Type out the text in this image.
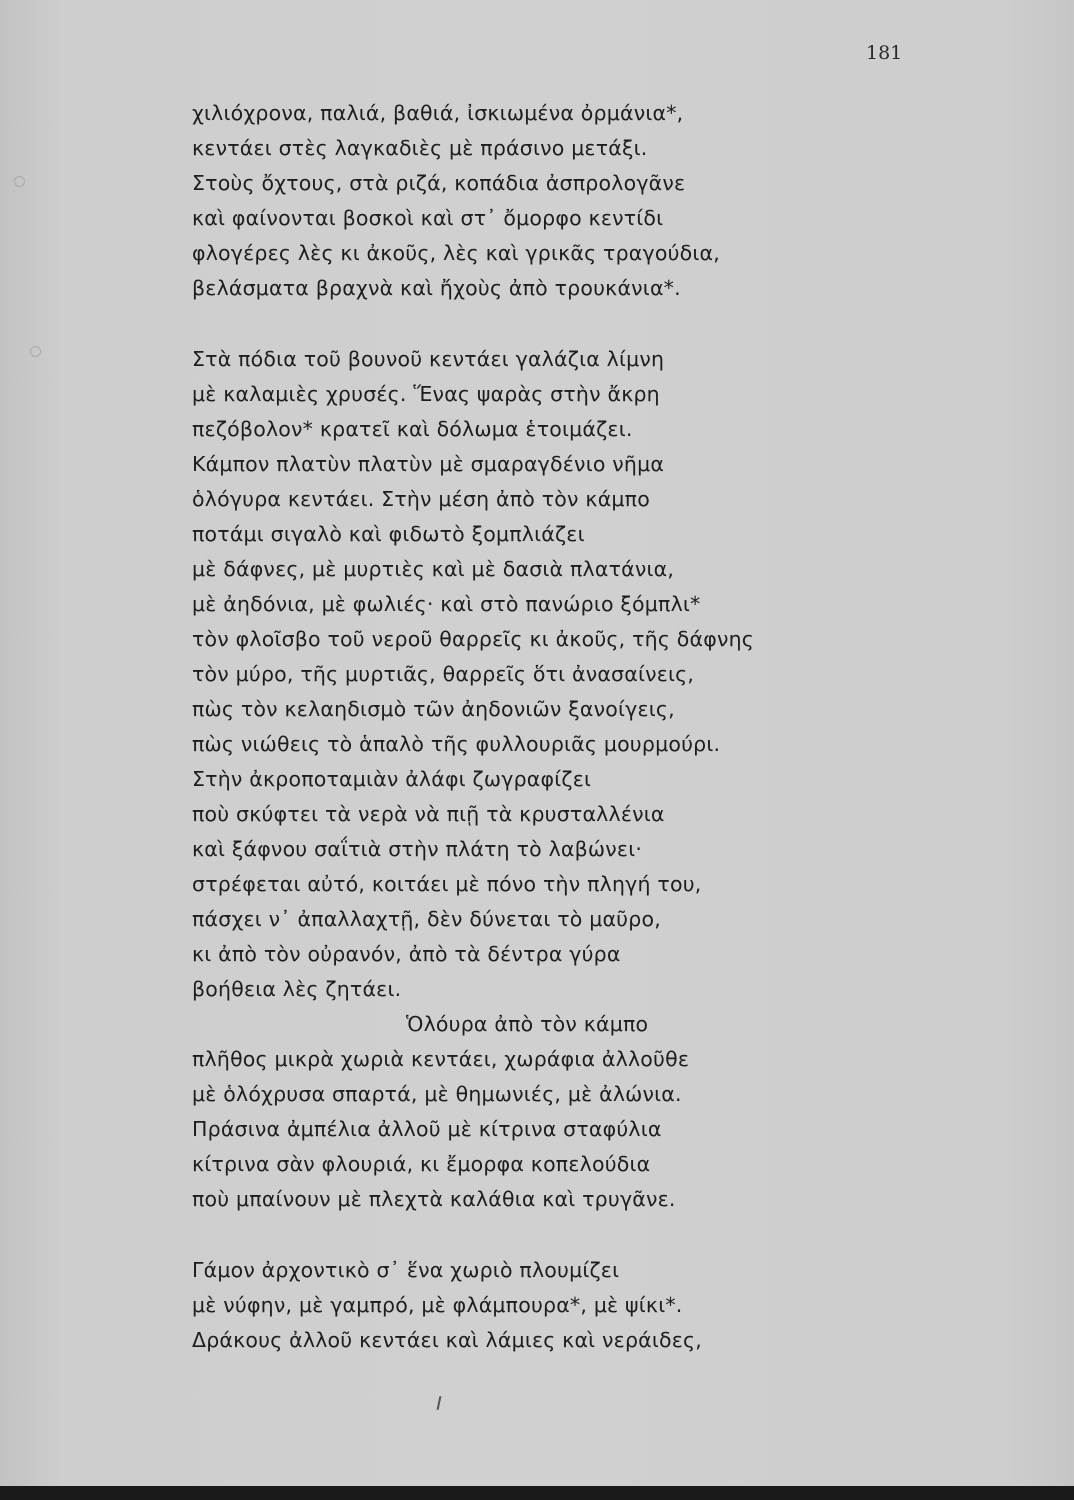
181
χιλιόχρονα, παλιά, βαθιά, ἰσκιωμένα ὀρμάνια*,
κεντάει στὲς λαγκαδιὲς μὲ πράσινο μετάξι.
Στοὺς ὄχτους, στὰ ριζά, κοπάδια ἀσπρολογᾶνε
καὶ φαίνονται βοσκοὶ καὶ στ᾽ ὄμορφο κεντίδι
φλογέρες λὲς κι ἀκοῦς, λὲς καὶ γρικᾶς τραγούδια,
βελάσματα βραχνὰ καὶ ἤχοὺς ἀπὸ τρουκάνια*.
Στὰ πόδια τοῦ βουνοῦ κεντάει γαλάζια λίμνη
μὲ καλαμιὲς χρυσές. Ἕνας ψαρὰς στὴν ἄκρη
πεζόβολον* κρατεῖ καὶ δόλωμα ἑτοιμάζει.
Κάμπον πλατὺν πλατὺν μὲ σμαραγδένιο νῆμα
ὁλόγυρα κεντάει. Στὴν μέση ἀπὸ τὸν κάμπο
ποτάμι σιγαλὸ καὶ φιδωτὸ ξομπλιάζει
μὲ δάφνες, μὲ μυρτιὲς καὶ μὲ δασιὰ πλατάνια,
μὲ ἀηδόνια, μὲ φωλιές· καὶ στὸ πανώριο ξόμπλι*
τὸν φλοῖσβο τοῦ νεροῦ θαρρεῖς κι ἀκοῦς, τῆς δάφνης
τὸν μύρο, τῆς μυρτιᾶς, θαρρεῖς ὅτι ἀνασαίνεις,
πὼς τὸν κελαηδισμὸ τῶν ἀηδονιῶν ξανοίγεις,
πὼς νιώθεις τὸ ἁπαλὸ τῆς φυλλουριᾶς μουρμούρι.
Στὴν ἀκροποταμιὰν ἀλάφι ζωγραφίζει
ποὺ σκύφτει τὰ νερὰ νὰ πιῇ τὰ κρυσταλλένια
καὶ ξάφνου σαΐτιὰ στὴν πλάτη τὸ λαβώνει·
στρέφεται αὐτό, κοιτάει μὲ πόνο τὴν πληγή του,
πάσχει ν᾽ ἀπαλλαχτῇ, δὲν δύνεται τὸ μαῦρο,
κι ἀπὸ τὸν οὐρανόν, ἀπὸ τὰ δέντρα γύρα
βοήθεια λὲς ζητάει.
Ὁλόυρα ἀπὸ τὸν κάμπο
πλῆθος μικρὰ χωριὰ κεντάει, χωράφια ἀλλοῦθε
μὲ ὁλόχρυσα σπαρτά, μὲ θημωνιές, μὲ ἀλώνια.
Πράσινα ἀμπέλια ἀλλοῦ μὲ κίτρινα σταφύλια
κίτρινα σὰν φλουριά, κι ἔμορφα κοπελούδια
ποὺ μπαίνουν μὲ πλεχτὰ καλάθια καὶ τρυγᾶνε.
Γάμον ἀρχοντικὸ σ᾽ ἕνα χωριὸ πλουμίζει
μὲ νύφην, μὲ γαμπρό, μὲ φλάμπουρα*, μὲ ψίκι*.
Δράκους ἀλλοῦ κεντάει καὶ λάμιες καὶ νεράιδες,
